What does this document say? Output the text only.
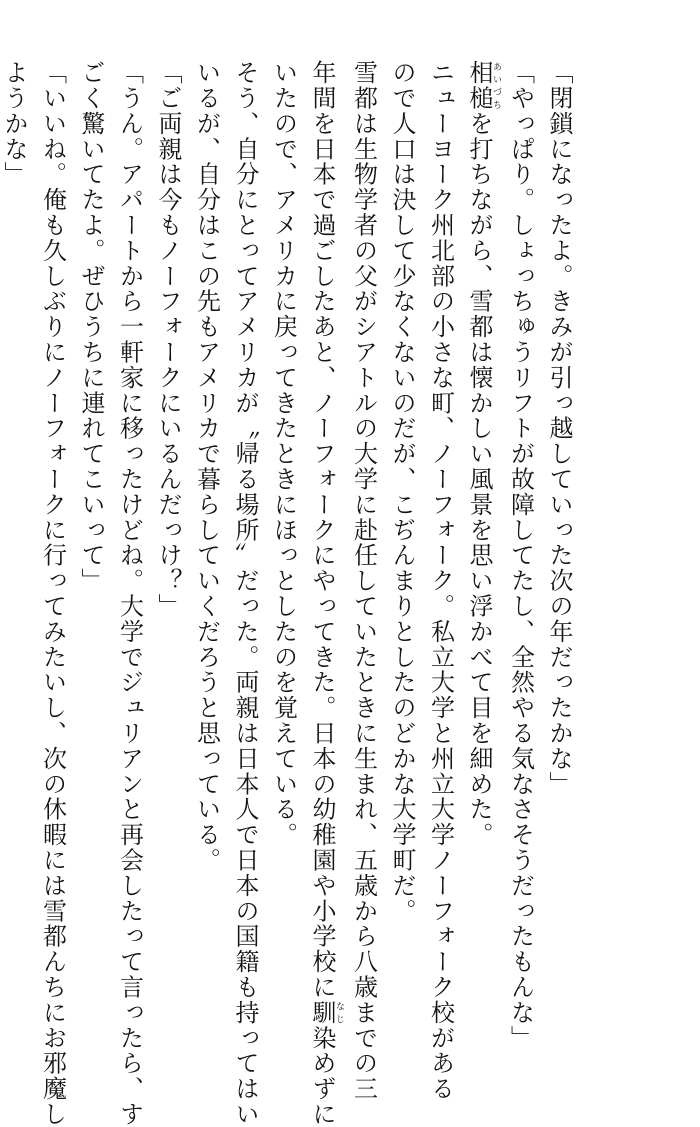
「閉鎖になったよ。きみが引っ越していった次の年だったかな」
「やっぱり。しょっちゅうリフトが故障してたし、全然やる気なさそうだったもんな」
相槌あいづちを打ちながら、雪都は懐かしい風景を思い浮かべて目を細めた。
ニューヨーク州北部の小さな町、ノーフォーク。私立大学と州立大学ノーフォーク校がある
ので人口は決して少なくないのだが、こぢんまりとしたのどかな大学町だ。
雪都は生物学者の父がシアトルの大学に赴任していたときに生まれ、五歳から八歳までの三
年間を日本で過ごしたあと、ノーフォークにやってきた。日本の幼稚園や小学校に馴なじ染めずに
いたので、アメリカに戻ってきたときにほっとしたのを覚えている。
そう、自分にとってアメリカが〝帰る場所〟だった。両親は日本人で日本の国籍も持ってはい
いるが、自分はこの先もアメリカで暮らしていくだろうと思っている。
「ご両親は今もノーフォークにいるんだっけ？」
「うん。アパートから一軒家に移ったけどね。大学でジュリアンと再会したって言ったら、す
ごく驚いてたよ。ぜひうちに連れてこいって」
「いいね。俺も久しぶりにノーフォークに行ってみたいし、次の休暇には雪都んちにお邪魔し
ようかな」
